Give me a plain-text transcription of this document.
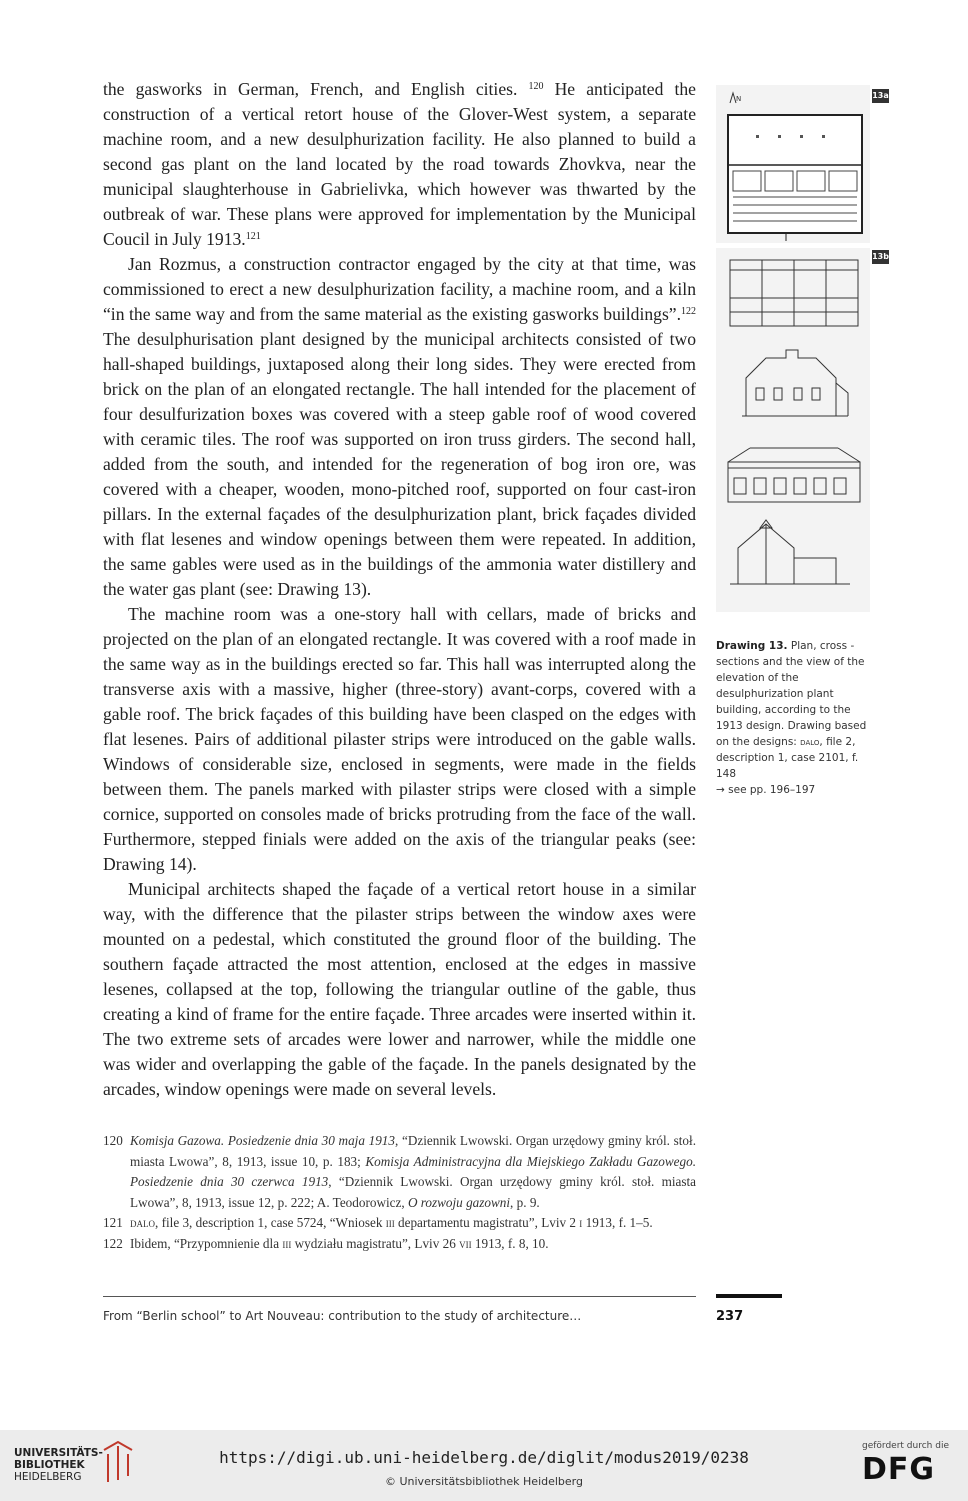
the gasworks in German, French, and English cities. $^{120}$ He anticipated the construction of a vertical retort house of the Glover-West system, a separate machine room, and a new desulphurization facility. He also planned to build a second gas plant on the land located by the road towards Zhovkva, near the municipal slaughterhouse in Gabrielivka, which however was thwarted by the outbreak of war. These plans were approved for implementation by the Municipal Coucil in July 1913.$^{121}$

Jan Rozmus, a construction contractor engaged by the city at that time, was commissioned to erect a new desulphurization facility, a machine room, and a kiln “in the same way and from the same material as the existing gasworks buildings”.$^{122}$ The desulphurisation plant designed by the municipal architects consisted of two hall-shaped buildings, juxtaposed along their long sides. They were erected from brick on the plan of an elongated rectangle. The hall intended for the placement of four desulfurization boxes was covered with a steep gable roof of wood covered with ceramic tiles. The roof was supported on iron truss girders. The second hall, added from the south, and intended for the regeneration of bog iron ore, was covered with a cheaper, wooden, mono-pitched roof, supported on four cast-iron pillars. In the external façades of the desulphurization plant, brick façades divided with flat lesenes and window openings between them were repeated. In addition, the same gables were used as in the buildings of the ammonia water distillery and the water gas plant (see: Drawing 13).

The machine room was a one-story hall with cellars, made of bricks and projected on the plan of an elongated rectangle. It was covered with a roof made in the same way as in the buildings erected so far. This hall was interrupted along the transverse axis with a massive, higher (three-story) avant-corps, covered with a gable roof. The brick façades of this building have been clasped on the edges with flat lesenes. Pairs of additional pilaster strips were introduced on the gable walls. Windows of considerable size, enclosed in segments, were made in the fields between them. The panels marked with pilaster strips were closed with a simple cornice, supported on consoles made of bricks protruding from the face of the wall. Furthermore, stepped finials were added on the axis of the triangular peaks (see: Drawing 14).

Municipal architects shaped the façade of a vertical retort house in a similar way, with the difference that the pilaster strips between the window axes were mounted on a pedestal, which constituted the ground floor of the building. The southern façade attracted the most attention, enclosed at the edges in massive lesenes, collapsed at the top, following the triangular outline of the gable, thus creating a kind of frame for the entire façade. Three arcades were inserted within it. The two extreme sets of arcades were lower and narrower, while the middle one was wider and overlapping the gable of the façade. In the panels designated by the arcades, window openings were made on several levels.

N	13a
13b
Drawing 13. Plan, cross -sections and the view of the elevation of the desulphurization plant building, according to the 1913 design. Drawing based on the designs: dalo, file 2, description 1, case 2101, f. 148
→ see pp. 196–197
120 Komisja Gazowa. Posiedzenie dnia 30 maja 1913, “Dziennik Lwowski. Organ urzędowy gminy król. stoł. miasta Lwowa”, 8, 1913, issue 10, p. 183; Komisja Administracyjna dla Miejskiego Zakładu Gazowego. Posiedzenie dnia 30 czerwca 1913, “Dziennik Lwowski. Organ urzędowy gminy król. stoł. miasta Lwowa”, 8, 1913, issue 12, p. 222; A. Teodorowicz, O rozwoju gazowni, p. 9.
121 dalo, file 3, description 1, case 5724, “Wniosek iii departamentu magistratu”, Lviv 2 i 1913, f. 1–5.
122 Ibidem, “Przypomnienie dla iii wydziału magistratu”, Lviv 26 vii 1913, f. 8, 10.
From “Berlin school” to Art Nouveau: contribution to the study of architecture…	237
UNIVERSITÄTS-
BIBLIOTHEK
HEIDELBERG
https://digi.ub.uni-heidelberg.de/diglit/modus2019/0238
© Universitätsbibliothek Heidelberg
gefördert durch die
DFG
